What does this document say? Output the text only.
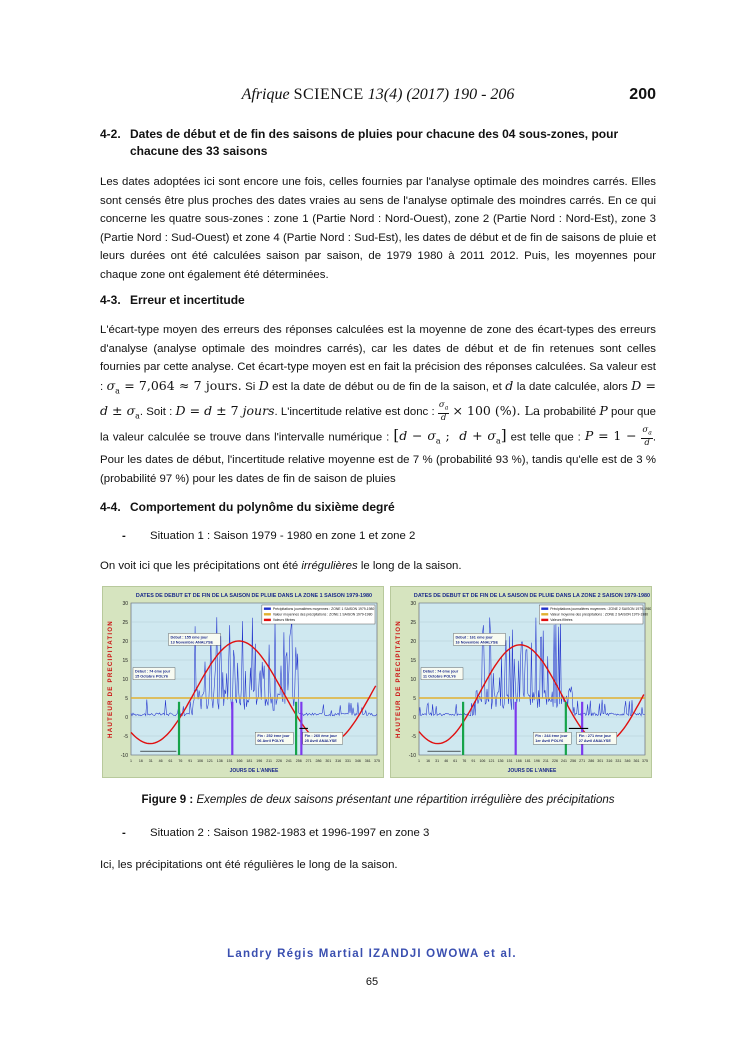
Afrique SCIENCE 13(4) (2017) 190 - 206	200
4-2. Dates de début et de fin des saisons de pluies pour chacune des 04 sous-zones, pour
chacune des 33 saisons
Les dates adoptées ici sont encore une fois, celles fournies par l'analyse optimale des moindres carrés. Elles sont censés être plus proches des dates vraies au sens de l'analyse optimale des moindres carrés. En ce qui concerne les quatre sous-zones : zone 1 (Partie Nord : Nord-Ouest), zone 2 (Partie Nord : Nord-Est), zone 3 (Partie Nord : Sud-Ouest) et zone 4 (Partie Nord : Sud-Est), les dates de début et de fin de saisons de pluie et leurs durées ont été calculées saison par saison, de 1979 1980 à 2011 2012. Puis, les moyennes pour chaque zone ont également été déterminées.
4-3. Erreur et incertitude
L'écart-type moyen des erreurs des réponses calculées est la moyenne de zone des écart-types des erreurs d'analyse (analyse optimale des moindres carrés), car les dates de début et de fin retenues sont celles fournies par cette analyse. Cet écart-type moyen est en fait la précision des réponses calculées. Sa valeur est : $\sigma_a = 7,064 \approx 7$ jours. Si D est la date de début ou de fin de la saison, et d la date calculée, alors $D = d \pm \sigma_a$. Soit : D = d ± 7 jours. L'incertitude relative est donc : $\frac{\sigma_a}{d} \times 100$ (%). La probabilité P pour que la valeur calculée se trouve dans l'intervalle numérique : [$d - \sigma_a$ ;  $d + \sigma_a$] est telle que : $P = 1 - \frac{\sigma_a}{d}$ . Pour les dates de début, l'incertitude relative moyenne est de 7 % (probabilité 93 %), tandis qu'elle est de 3 % (probabilité 97 %) pour les dates de fin de saison de pluies
4-4. Comportement du polynôme du sixième degré
- Situation 1 : Saison 1979 - 1980 en zone 1 et zone 2
On voit ici que les précipitations ont été irrégulières le long de la saison.
DATES DE DEBUT ET DE FIN DE LA SAISON DE PLUIE DANS LA ZONE 1 SAISON 1979-1980
-10
-5
0
5
10
15
20
25
30
1 16 31 46 61 76 91 106 121 136 151 166 181 196 211 226 241 256 271 286 301 316 331 346 361 375
JOURS DE L'ANNEE
HAUTEUR DE PRECIPITATION
Précipitations journalières moyennes : ZONE 1 SAISON 1979-1980
Valeur moyennes des précipitations : ZONE 1 SAISON 1979-1980
Valeurs filtrées
Début : 155 ème jour
13 Novembre ANALYSE
Début : 74 ème jour
15 Octobre POLY6
Fin : 252 ème jour
06 Avril POLY6
Fin : 260 ème jour
25 Avril ANALYSE
DATES DE DEBUT ET DE FIN DE LA SAISON DE PLUIE DANS LA ZONE 2 SAISON 1979-1980
-10
-5
0
5
10
15
20
25
30
1 16 31 46 61 76 91 106 121 136 151 166 181 196 211 226 241 256 271 286 301 316 331 346 361 375
JOURS DE L'ANNEE
HAUTEUR DE PRECIPITATION
Précipitations journalières moyennes : ZONE 2 SAISON 1979-1980
Valeur moyenne des précipitations : ZONE 2 SAISON 1979-1980
Valeurs filtrées
Début : 161 ème jour
16 Novembre ANALYSE
Début : 74 ème jour
11 Octobre POLY6
Fin : 244 ème jour
1er Avril POLY6
Fin : 271 ème jour
27 Avril ANALYSE
Figure 9 : Exemples de deux saisons présentant une répartition irrégulière des précipitations
- Situation 2 : Saison 1982-1983 et 1996-1997 en zone 3
Ici, les précipitations ont été régulières le long de la saison.
Landry Régis Martial IZANDJI OWOWA et al.
65
